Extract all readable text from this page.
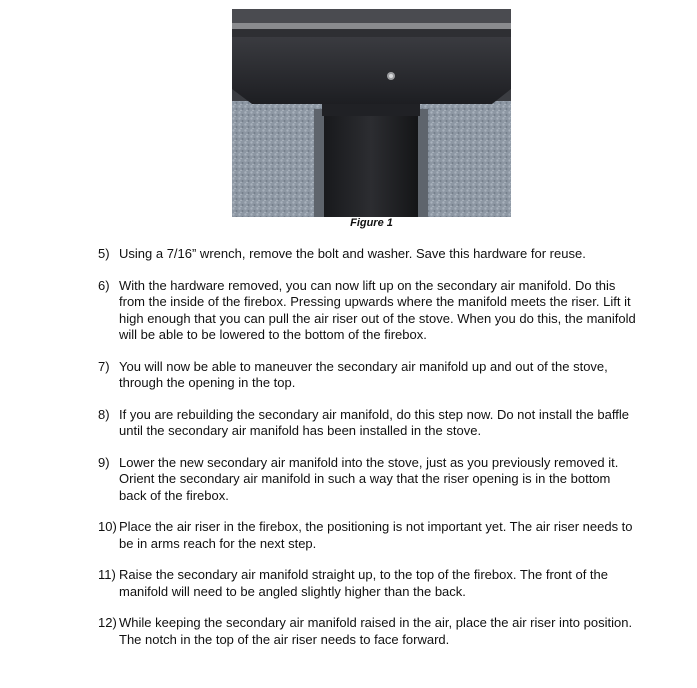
Figure 1
5) Using a 7/16” wrench, remove the bolt and washer. Save this hardware for reuse.
6) With the hardware removed, you can now lift up on the secondary air manifold. Do this from the inside of the firebox. Pressing upwards where the manifold meets the riser. Lift it high enough that you can pull the air riser out of the stove. When you do this, the manifold will be able to be lowered to the bottom of the firebox.
7) You will now be able to maneuver the secondary air manifold up and out of the stove, through the opening in the top.
8) If you are rebuilding the secondary air manifold, do this step now. Do not install the baffle until the secondary air manifold has been installed in the stove.
9) Lower the new secondary air manifold into the stove, just as you previously removed it. Orient the secondary air manifold in such a way that the riser opening is in the bottom back of the firebox.
10) Place the air riser in the firebox, the positioning is not important yet. The air riser needs to be in arms reach for the next step.
11) Raise the secondary air manifold straight up, to the top of the firebox. The front of the manifold will need to be angled slightly higher than the back.
12) While keeping the secondary air manifold raised in the air, place the air riser into position. The notch in the top of the air riser needs to face forward.
